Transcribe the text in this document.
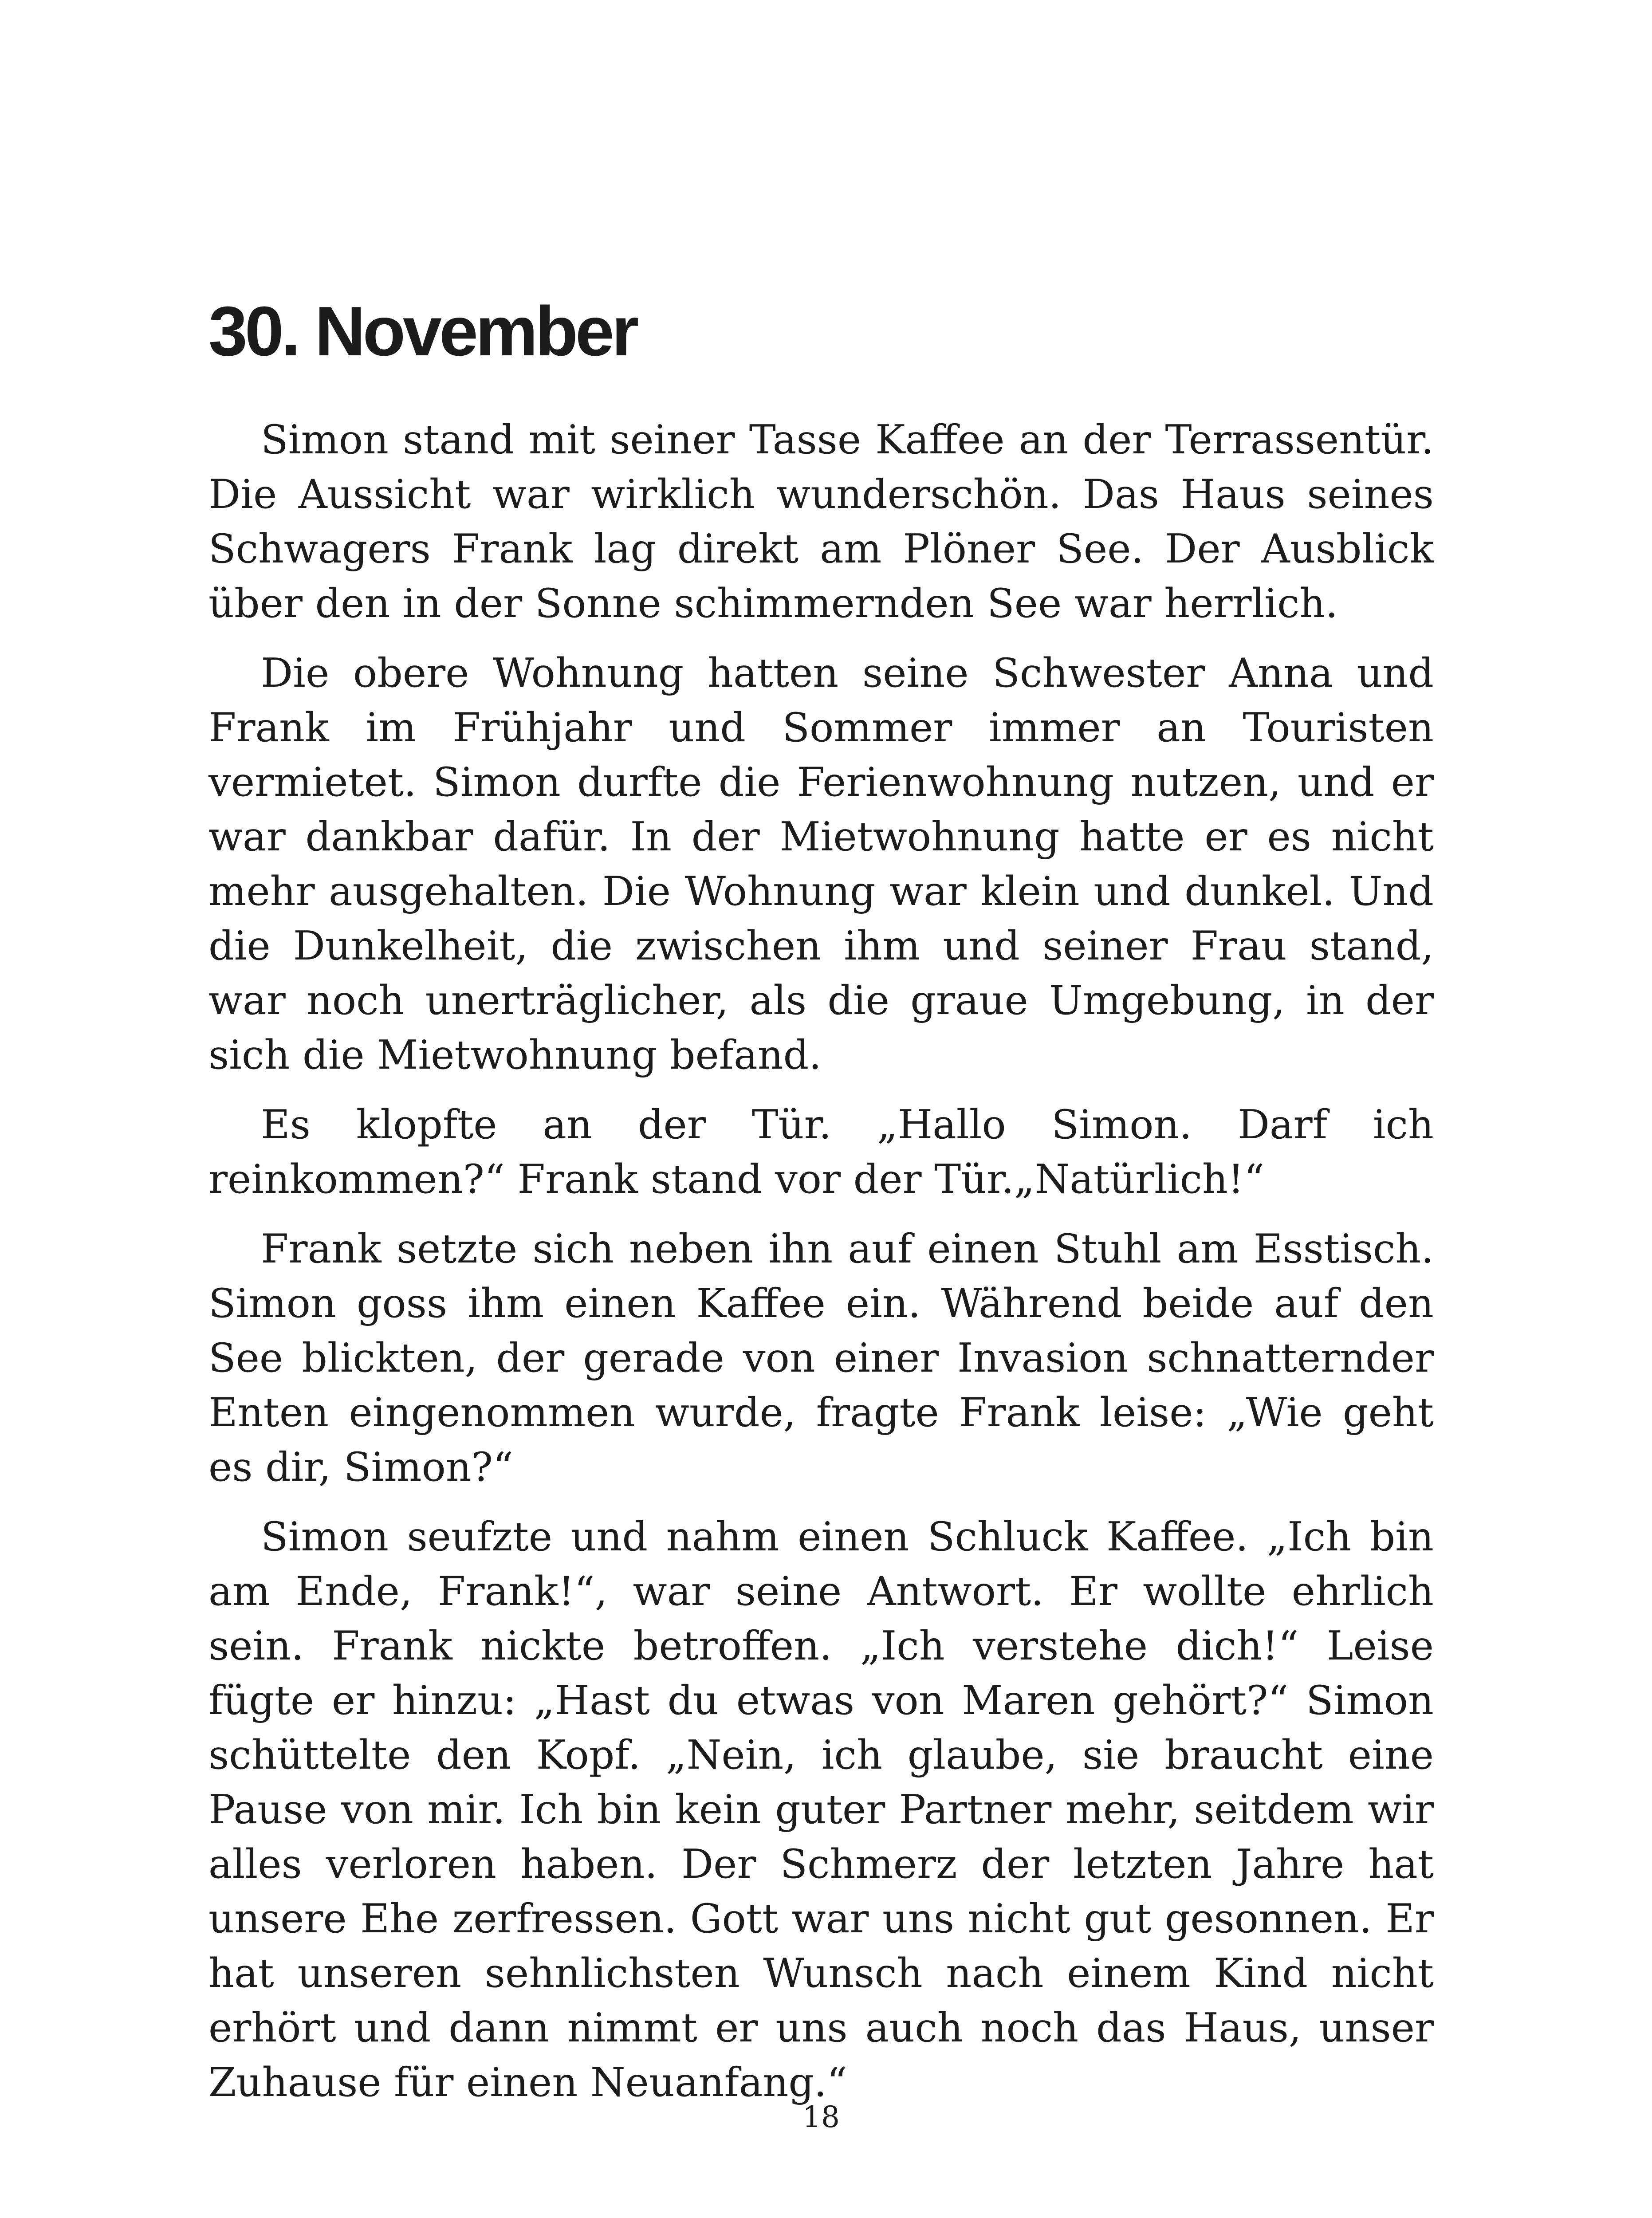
30. November

Simon stand mit seiner Tasse Kaffee an der Terrassentür. Die Aussicht war wirklich wunderschön. Das Haus seines Schwagers Frank lag direkt am Plöner See. Der Ausblick über den in der Sonne schimmernden See war herrlich.

Die obere Wohnung hatten seine Schwester Anna und Frank im Frühjahr und Sommer immer an Touristen vermietet. Simon durfte die Ferienwohnung nutzen, und er war dankbar dafür. In der Mietwohnung hatte er es nicht mehr ausgehalten. Die Wohnung war klein und dunkel. Und die Dunkelheit, die zwischen ihm und seiner Frau stand, war noch unerträglicher, als die graue Umgebung, in der sich die Mietwohnung befand.

Es klopfte an der Tür. „Hallo Simon. Darf ich reinkommen?“ Frank stand vor der Tür.„Natürlich!“

Frank setzte sich neben ihn auf einen Stuhl am Esstisch. Simon goss ihm einen Kaffee ein. Während beide auf den See blickten, der gerade von einer Invasion schnatternder Enten eingenommen wurde, fragte Frank leise: „Wie geht es dir, Simon?“

Simon seufzte und nahm einen Schluck Kaffee. „Ich bin am Ende, Frank!“, war seine Antwort. Er wollte ehrlich sein. Frank nickte betroffen. „Ich verstehe dich!“ Leise fügte er hinzu: „Hast du etwas von Maren gehört?“ Simon schüttelte den Kopf. „Nein, ich glaube, sie braucht eine Pause von mir. Ich bin kein guter Partner mehr, seitdem wir alles verloren haben. Der Schmerz der letzten Jahre hat unsere Ehe zerfressen. Gott war uns nicht gut gesonnen. Er hat unseren sehnlichsten Wunsch nach einem Kind nicht erhört und dann nimmt er uns auch noch das Haus, unser Zuhause für einen Neuanfang.“

18
